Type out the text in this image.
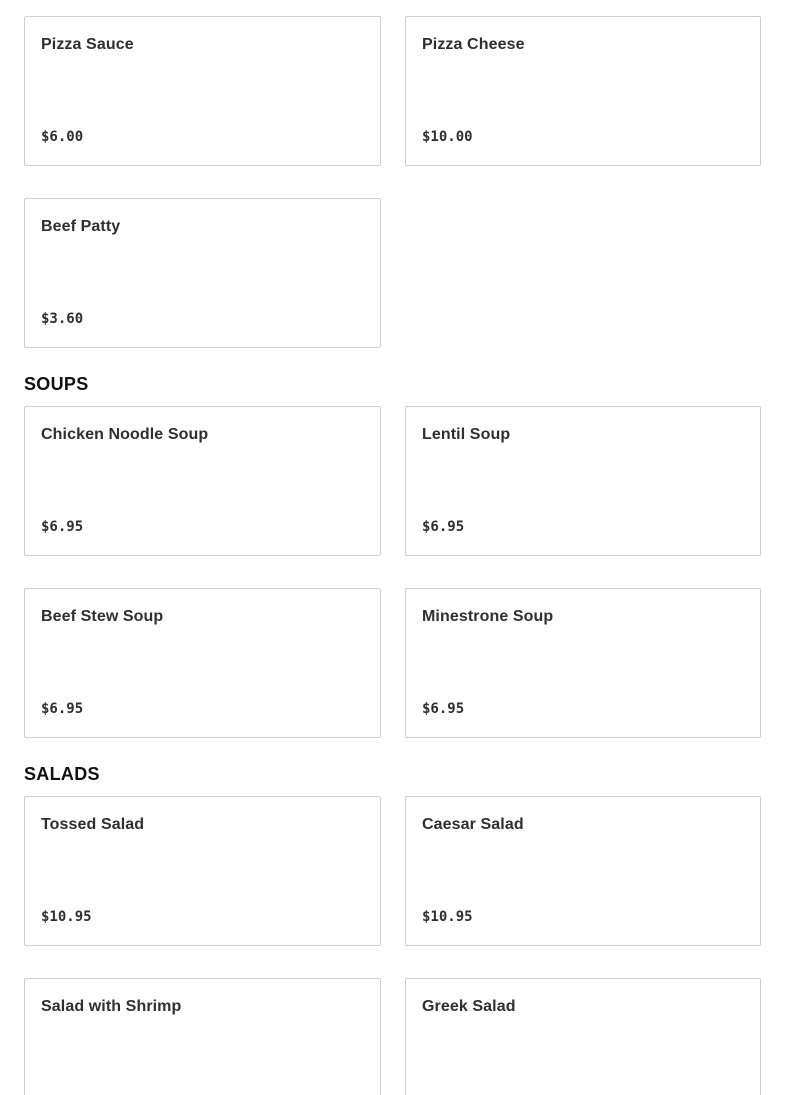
Pizza Sauce
$6.00
Pizza Cheese
$10.00
Beef Patty
$3.60
SOUPS
Chicken Noodle Soup
$6.95
Lentil Soup
$6.95
Beef Stew Soup
$6.95
Minestrone Soup
$6.95
SALADS
Tossed Salad
$10.95
Caesar Salad
$10.95
Salad with Shrimp	Greek Salad
